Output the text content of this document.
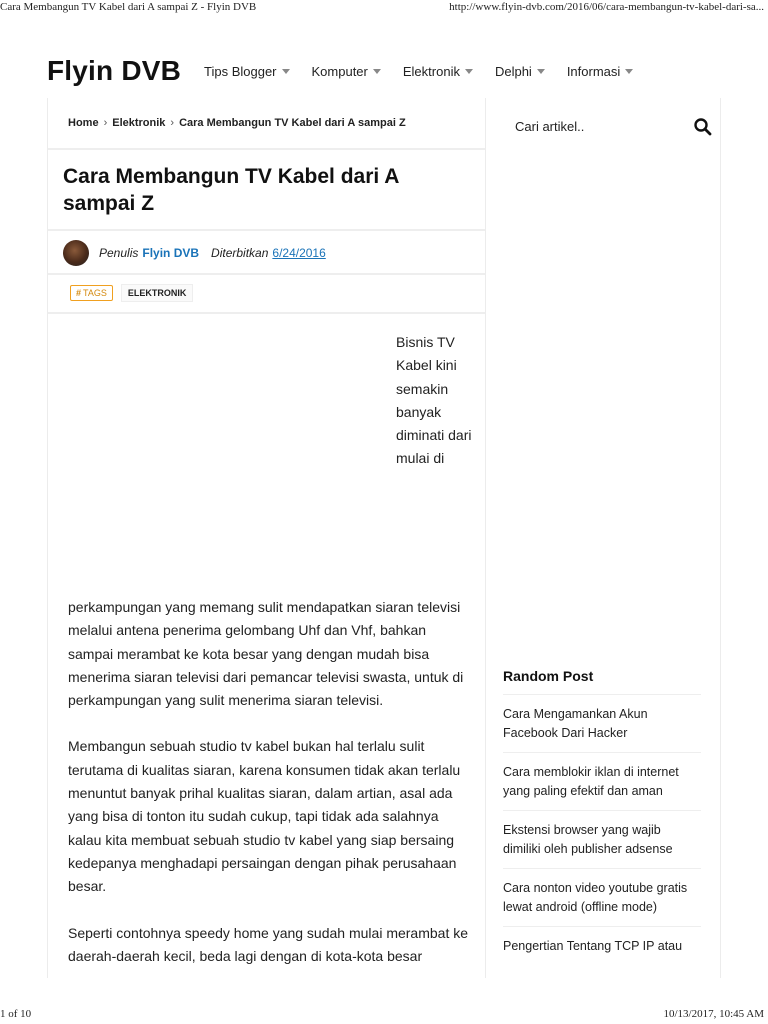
Cara Membangun TV Kabel dari A sampai Z - Flyin DVB	http://www.flyin-dvb.com/2016/06/cara-membangun-tv-kabel-dari-sa...
Flyin DVB Tips Blogger	Komputer	Elektronik	Delphi	Informasi
Home › Elektronik › Cara Membangun TV Kabel dari A sampai Z
Cara Membangun TV Kabel dari A sampai Z
Penulis Flyin DVB Diterbitkan 6/24/2016
# TAGS	ELEKTRONIK
Bisnis TV Kabel kini semakin banyak diminati dari mulai di

perkampungan yang memang sulit mendapatkan siaran televisi melalui antena penerima gelombang Uhf dan Vhf, bahkan sampai merambat ke kota besar yang dengan mudah bisa menerima siaran televisi dari pemancar televisi swasta, untuk di perkampungan yang sulit menerima siaran televisi.

Membangun sebuah studio tv kabel bukan hal terlalu sulit terutama di kualitas siaran, karena konsumen tidak akan terlalu menuntut banyak prihal kualitas siaran, dalam artian, asal ada yang bisa di tonton itu sudah cukup, tapi tidak ada salahnya kalau kita membuat sebuah studio tv kabel yang siap bersaing kedepanya menghadapi persaingan dengan pihak perusahaan besar.

Seperti contohnya speedy home yang sudah mulai merambat ke daerah-daerah kecil, beda lagi dengan di kota-kota besar

Cari artikel..
Random Post
Cara Mengamankan Akun Facebook Dari Hacker
Cara memblokir iklan di internet yang paling efektif dan aman
Ekstensi browser yang wajib dimiliki oleh publisher adsense
Cara nonton video youtube gratis lewat android (offline mode)
Pengertian Tentang TCP IP atau
1 of 10	10/13/2017, 10:45 AM
